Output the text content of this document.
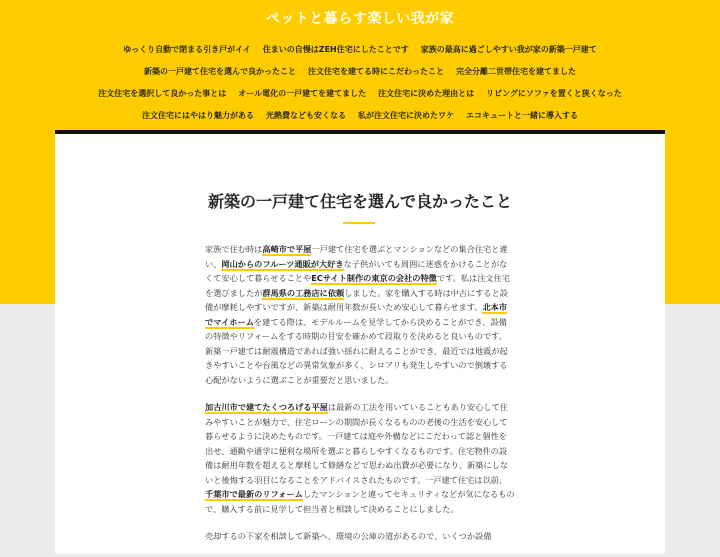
ペットと暮らす楽しい我が家
ゆっくり自動で閉まる引き戸がイイ	住まいの自慢はZEH住宅にしたことです	家族の最高に過ごしやすい我が家の新築一戸建て
新築の一戸建て住宅を選んで良かったこと	注文住宅を建てる時にこだわったこと	完全分離二世帯住宅を建てました
注文住宅を選択して良かった事とは	オール電化の一戸建てを建てました	注文住宅に決めた理由とは	リビングにソファを置くと狭くなった
注文住宅にはやはり魅力がある	光熱費なども安くなる	私が注文住宅に決めたワケ	エコキュートと一緒に導入する
新築の一戸建て住宅を選んで良かったこと

家族で住む時は高崎市で平屋一戸建て住宅を選ぶとマンションなどの集合住宅と違い、岡山からのフルーツ通販が大好きな子供がいても周囲に迷惑をかけることがなくて安心して暮らせることやECサイト制作の東京の会社の特徴です。私は注文住宅を選びましたが群馬県の工務店に依頼しました。家を購入する時は中古にすると設備が摩耗しやすいですが、新築は耐用年数が長いため安心して暮らせます。北本市でマイホームを建てる際は、モデルルームを見学してから決めることができ、設備の特徴やリフォームをする時期の目安を確かめて段取りを決めると良いものです。 新築一戸建ては耐震構造であれば強い揺れに耐えることができ、最近では地震が起きやすいことや台風などの異常気象が多く、シロアリも発生しやすいので倒壊する心配がないように選ぶことが重要だと思いました。

加古川市で建てたくつろげる平屋は最新の工法を用いていることもあり安心して住みやすいことが魅力で、住宅ローンの期間が長くなるものの老後の生活を安心して暮らせるように決めたものです。一戸建ては庭や外構などにこだわって認と個性を出せ、通勤や通学に便利な場所を選ぶと暮らしやすくなるものです。住宅物件の設備は耐用年数を超えると摩耗して修繕などで思わぬ出費が必要になり、新築にしないと後悔する羽目になることをアドバイスされたものです。一戸建て住宅は以前、千葉市で最新のリフォームしたマンションと違ってセキュリティなどが気になるもので、購入する前に見学して担当者と相談して決めることにしました。

売却するの下家を相談して新築へ、環境の公庫の道があるので、いくつか設備
